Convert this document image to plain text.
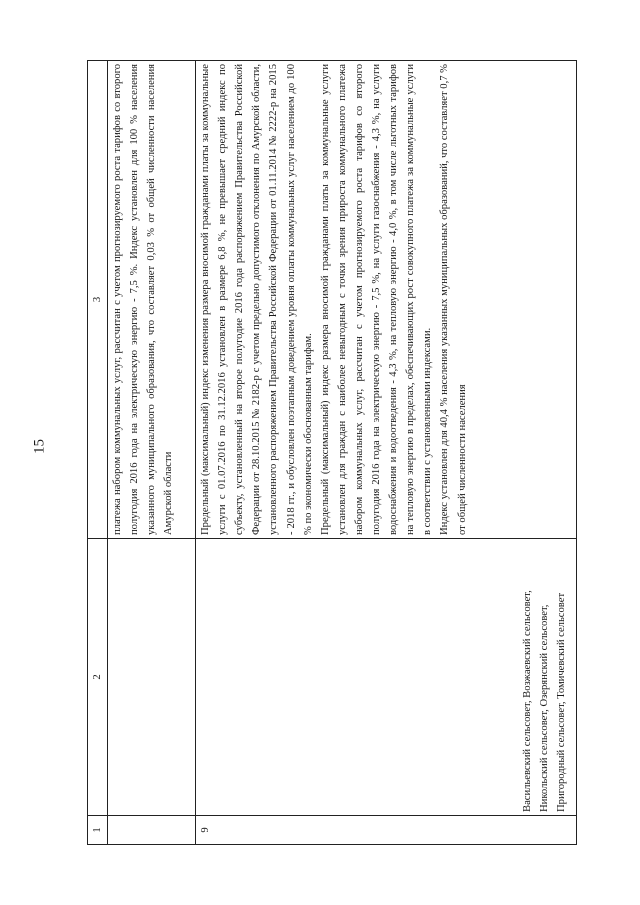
15
1	2	3
		платежа набором коммунальных услуг, рассчитан с учетом прогнозируемого роста тарифов со второго полугодия 2016 года на электрическую энергию - 7,5 %. Индекс установлен для 100 % населения указанного муниципального образования, что составляет 0,03 % от общей численности населения Амурской области
9	Васильевский сельсовет, Возжаевский сельсовет, Никольский сельсовет, Озерянский сельсовет, Пригородный сельсовет, Томичевский сельсовет	Предельный (максимальный) индекс изменения размера вносимой гражданами платы за коммунальные услуги с 01.07.2016 по 31.12.2016 установлен в размере 6,8 %, не превышает средний индекс по субъекту, установленный на второе полугодие 2016 года распоряжением Правительства Российской Федерации от 28.10.2015 № 2182-р с учетом предельно допустимого отклонения по Амурской области, установленного распоряжением Правительства Российской Федерации от 01.11.2014 № 2222-р на 2015 - 2018 гг., и обусловлен поэтапным доведением уровня оплаты коммунальных услуг населением до 100 % по экономически обоснованным тарифам. Предельный (максимальный) индекс размера вносимой гражданами платы за коммунальные услуги установлен для граждан с наиболее невыгодным с точки зрения прироста коммунального платежа набором коммунальных услуг, рассчитан с учетом прогнозируемого роста тарифов со второго полугодия 2016 года на электрическую энергию - 7,5 %, на услуги газоснабжения - 4,3 %, на услуги водоснабжения и водоотведения - 4,3 %, на тепловую энергию - 4,0 %, в том числе льготных тарифов на тепловую энергию в пределах, обеспечивающих рост совокупного платежа за коммунальные услуги в соответствии с установленными индексами. Индекс установлен для 40,4 % населения указанных муниципальных образований, что составляет 0,7 % от общей численности населения
